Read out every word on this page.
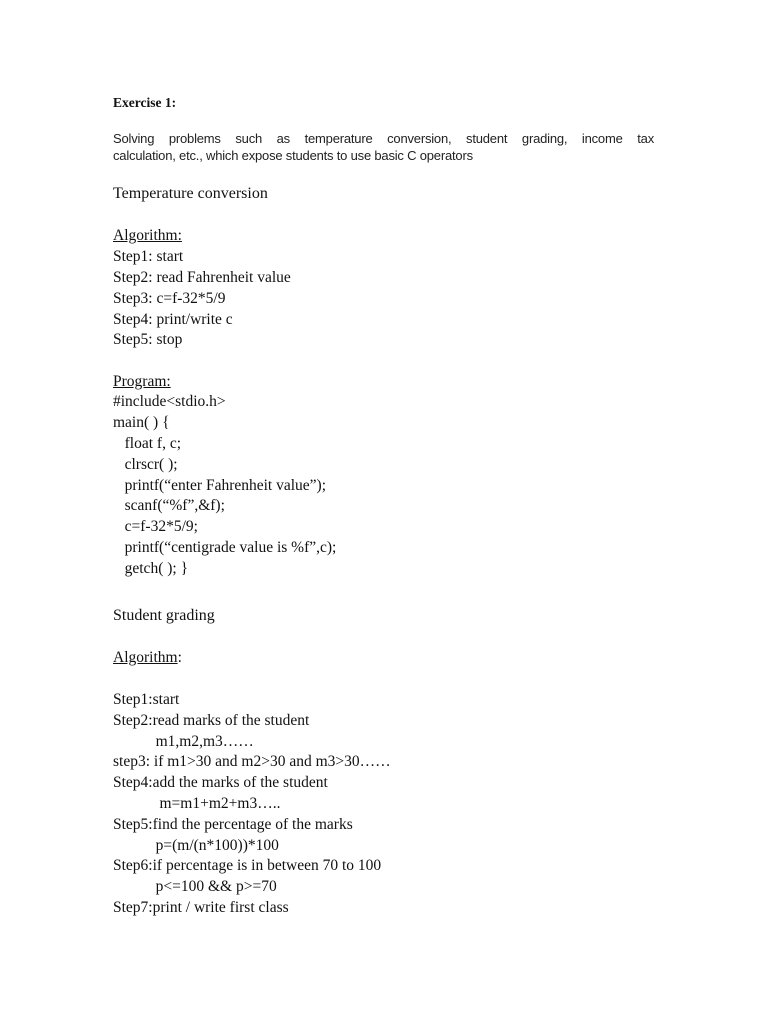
Exercise 1:
Solving problems such as temperature conversion, student grading, income tax
calculation, etc., which expose students to use basic C operators
Temperature conversion
Algorithm:
Step1: start
Step2: read Fahrenheit value
Step3: c=f-32*5/9
Step4: print/write c
Step5: stop
Program:
#include<stdio.h>
main( ) {
float f, c;
clrscr( );
printf(“enter Fahrenheit value”);
scanf(“%f”,&f);
c=f-32*5/9;
printf(“centigrade value is %f”,c);
getch( ); }
Student grading
Algorithm:
Step1:start
Step2:read marks of the student
m1,m2,m3……
step3: if m1>30 and m2>30 and m3>30……
Step4:add the marks of the student
m=m1+m2+m3…..
Step5:find the percentage of the marks
p=(m/(n*100))*100
Step6:if percentage is in between 70 to 100
p<=100 && p>=70
Step7:print / write first class
